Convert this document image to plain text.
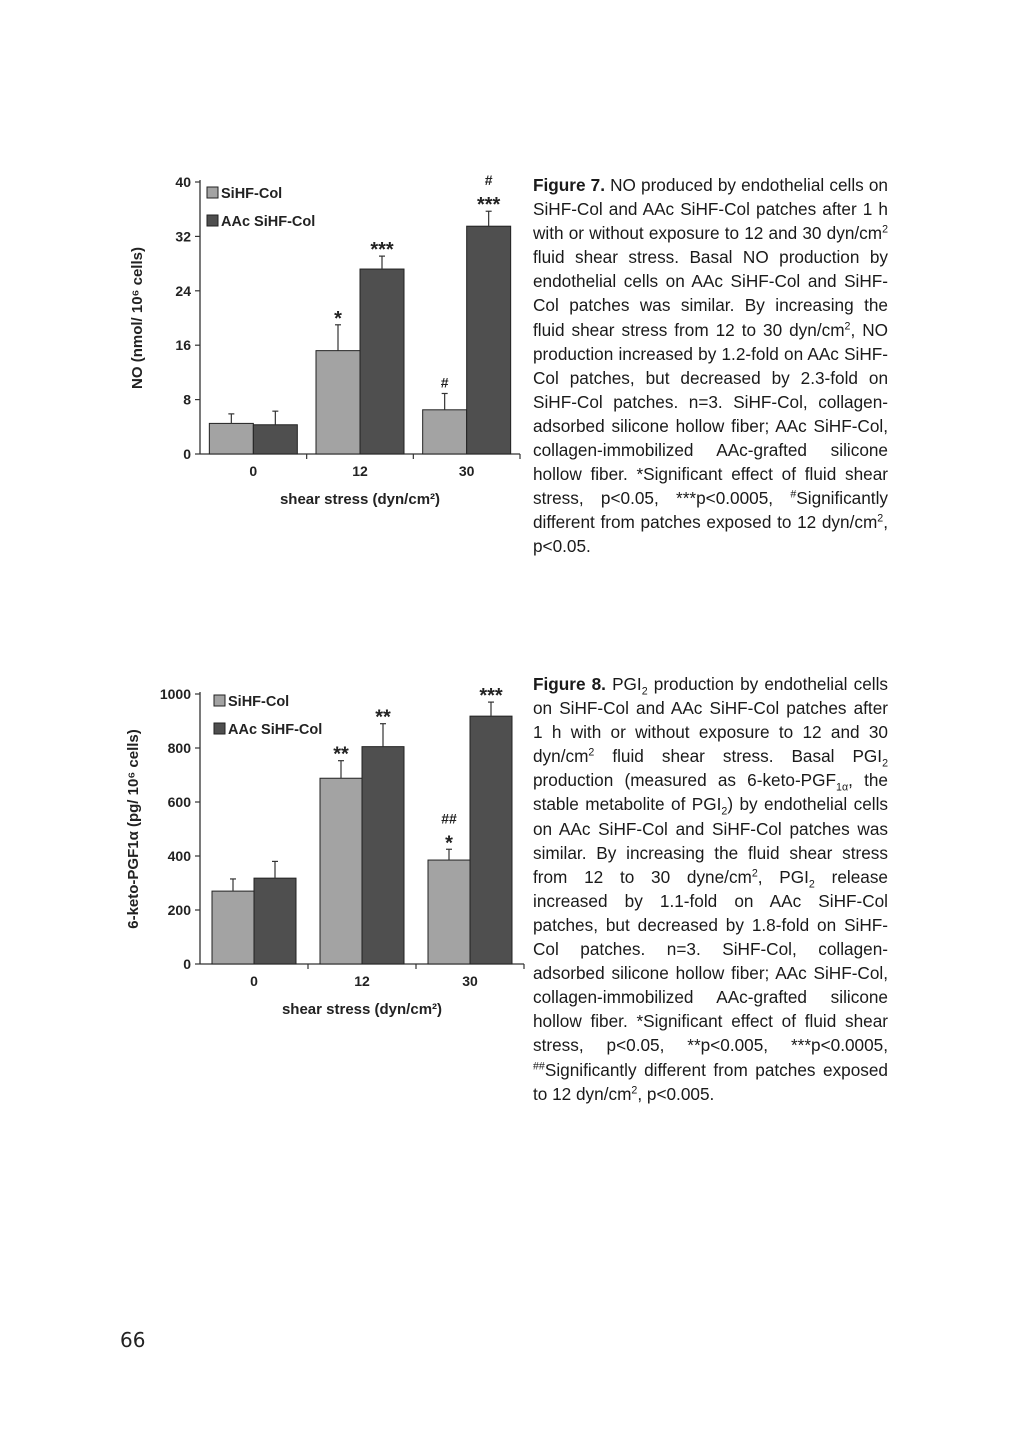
NO (nmol/ 10⁶ cells)
0
8
16
24
32
40
0	12
*
***
30
#
***
#
shear stress (dyn/cm²)
SiHF-Col
AAc SiHF-Col

Figure 7. NO produced by endothelial cells on SiHF-Col and AAc SiHF-Col patches after 1 h with or without exposure to 12 and 30 dyn/$cm^2$ fluid shear stress. Basal NO production by endothelial cells on AAc SiHF-Col and SiHF-Col patches was similar. By increasing the fluid shear stress from 12 to 30 dyn/$cm^2$, NO production increased by 1.2-fold on AAc SiHF-Col patches, but decreased by 2.3-fold on SiHF-Col patches. n=3. SiHF-Col, collagen-adsorbed silicone hollow fiber; AAc SiHF-Col, collagen-immobilized AAc-grafted silicone hollow fiber. *Significant effect of fluid shear stress, p<0.05, ***p<0.0005, #Significantly different from patches exposed to 12 dyn/$cm^2$, p<0.05.

6-keto-PGF1α (pg/ 10⁶ cells)
0
200
400
600
800
1000
0	12
**
**
30
*
##
***
shear stress (dyn/cm²)
SiHF-Col
AAc SiHF-Col

Figure 8. $PGI_2$ production by endothelial cells on SiHF-Col and AAc SiHF-Col patches after 1 h with or without exposure to 12 and 30 dyn/$cm^2$ fluid shear stress. Basal $PGI_2$ production (measured as $6-keto-PGF_{1\alpha}$, the stable metabolite of $PGI_2$) by endothelial cells on AAc SiHF-Col and SiHF-Col patches was similar. By increasing the fluid shear stress from 12 to 30 dyne/$cm^2$, $PGI_2$ release increased by 1.1-fold on AAc SiHF-Col patches, but decreased by 1.8-fold on SiHF-Col patches. n=3. SiHF-Col, collagen-adsorbed silicone hollow fiber; AAc SiHF-Col, collagen-immobilized AAc-grafted silicone hollow fiber. *Significant effect of fluid shear stress, p<0.05, **p<0.005, ***p<0.0005, ##Significantly different from patches exposed to 12 dyn/$cm^2$, p<0.005.

66
